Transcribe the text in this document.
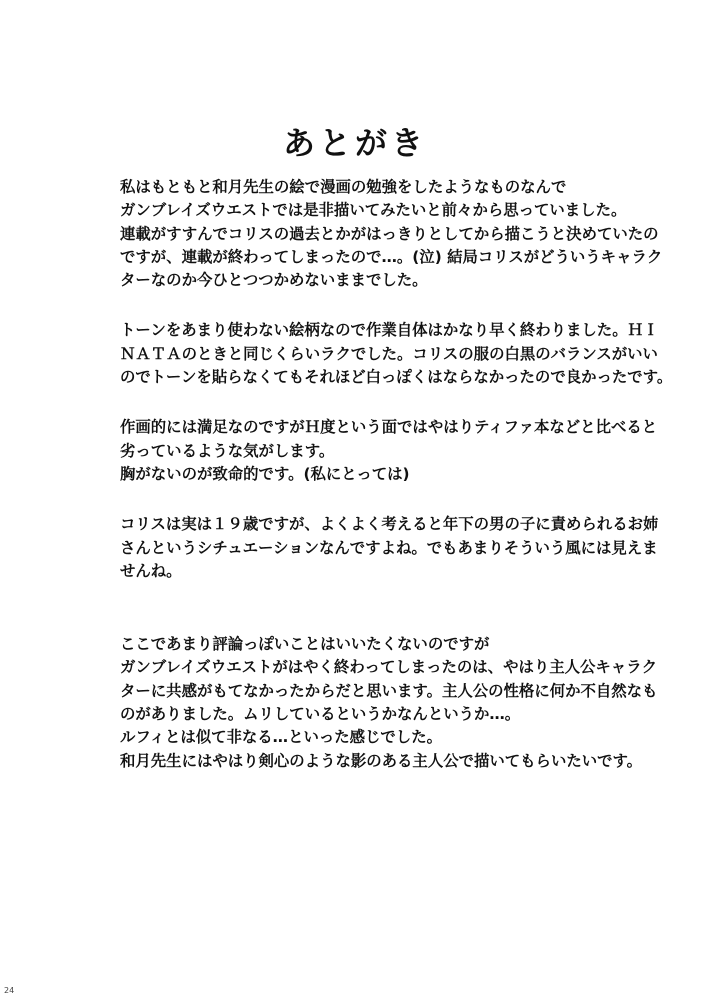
あとがき
私はもともと和月先生の絵で漫画の勉強をしたようなものなんで
ガンブレイズウエストでは是非描いてみたいと前々から思っていました。
連載がすすんでコリスの過去とかがはっきりとしてから描こうと決めていたの
ですが、連載が終わってしまったので…。(泣) 結局コリスがどういうキャラク
ターなのか今ひとつつかめないままでした。
トーンをあまり使わない絵柄なので作業自体はかなり早く終わりました。ＨＩ
ＮＡＴＡのときと同じくらいラクでした。コリスの服の白黒のバランスがいい
のでトーンを貼らなくてもそれほど白っぽくはならなかったので良かったです。
作画的には満足なのですがＨ度という面ではやはりティファ本などと比べると
劣っているような気がします。
胸がないのが致命的です。(私にとっては)
コリスは実は１９歳ですが、よくよく考えると年下の男の子に責められるお姉
さんというシチュエーションなんですよね。でもあまりそういう風には見えま
せんね。
ここであまり評論っぽいことはいいたくないのですが
ガンブレイズウエストがはやく終わってしまったのは、やはり主人公キャラク
ターに共感がもてなかったからだと思います。主人公の性格に何か不自然なも
のがありました。ムリしているというかなんというか…。
ルフィとは似て非なる…といった感じでした。
和月先生にはやはり剣心のような影のある主人公で描いてもらいたいです。
24
